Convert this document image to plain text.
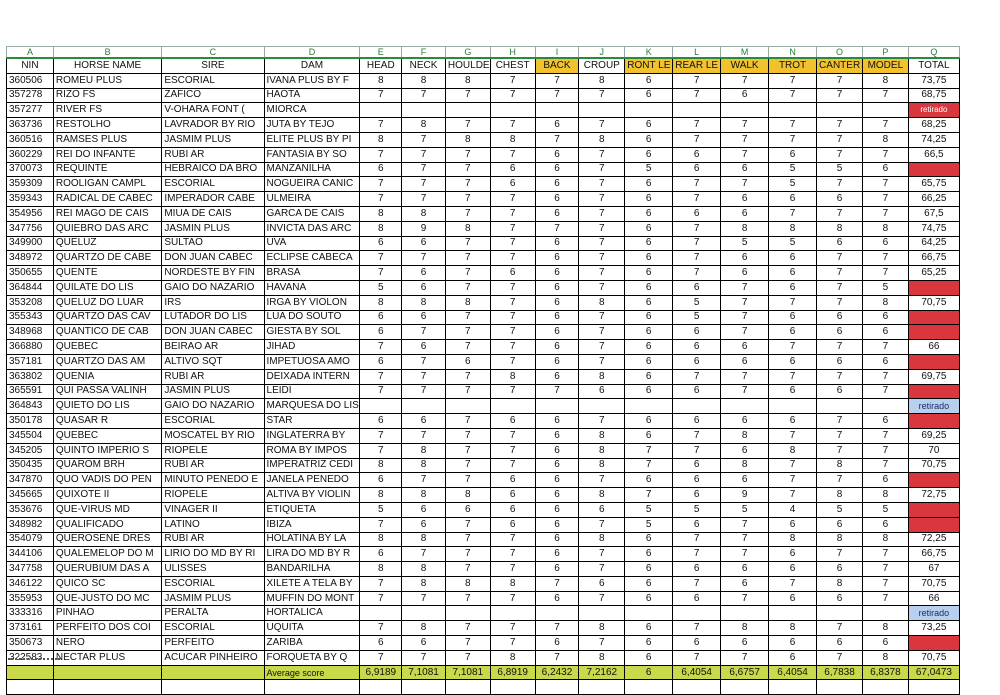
A	B	C	D	E	F	G	H	I	J	K	L	M	N	O	P	Q
NIN	HORSE NAME	SIRE	DAM	HEAD	NECK	HOULDE	CHEST	BACK	CROUP	RONT LE	REAR LE	WALK	TROT	CANTER	MODEL	TOTAL
360506	ROMEU PLUS	ESCORIAL	IVANA PLUS BY F	8	8	8	7	7	8	6	7	7	7	7	8	73,75
357278	RIZO FS	ZAFICO	HAOTA	7	7	7	7	7	7	6	7	6	7	7	7	68,75
357277	RIVER FS	V-OHARA FONT (	MIORCA													retirado
363736	RESTOLHO	LAVRADOR BY RIO	JUTA BY TEJO	7	8	7	7	6	7	6	7	7	7	7	7	68,25
360516	RAMSES PLUS	JASMIM PLUS	ELITE PLUS BY PI	8	7	8	8	7	8	6	7	7	7	7	8	74,25
360229	REI DO INFANTE	RUBI AR	FANTASIA BY SO	7	7	7	7	6	7	6	6	7	6	7	7	66,5
370073	REQUINTE	HEBRAICO DA BRO	MANZANILHA	6	7	7	6	6	7	5	6	6	5	5	6	
359309	ROOLIGAN CAMPL	ESCORIAL	NOGUEIRA CANIC	7	7	7	6	6	7	6	7	7	5	7	7	65,75
359343	RADICAL DE CABEC	IMPERADOR CABE	ULMEIRA	7	7	7	7	6	7	6	7	6	6	6	7	66,25
354956	REI MAGO DE CAIS	MIUA DE CAIS	GARCA DE CAIS	8	8	7	7	6	7	6	6	6	7	7	7	67,5
347756	QUIEBRO DAS ARC	JASMIN PLUS	INVICTA DAS ARC	8	9	8	7	7	7	6	7	8	8	8	8	74,75
349900	QUELUZ	SULTAO	UVA	6	6	7	7	6	7	6	7	5	5	6	6	64,25
348972	QUARTZO DE CABE	DON JUAN CABEC	ECLIPSE CABECA	7	7	7	7	6	7	6	7	6	6	7	7	66,75
350655	QUENTE	NORDESTE BY FIN	BRASA	7	6	7	6	6	7	6	7	6	6	7	7	65,25
364844	QUILATE DO LIS	GAIO DO NAZARIO	HAVANA	5	6	7	7	6	7	6	6	7	6	7	5	
353208	QUELUZ DO LUAR	IRS	IRGA BY VIOLON	8	8	8	7	6	8	6	5	7	7	7	8	70,75
355343	QUARTZO DAS CAV	LUTADOR DO LIS	LUA DO SOUTO	6	6	7	7	6	7	6	5	7	6	6	6	
348968	QUANTICO DE CAB	DON JUAN CABEC	GIESTA BY SOL	6	7	7	7	6	7	6	6	7	6	6	6	
366880	QUEBEC	BEIRAO AR	JIHAD	7	6	7	7	6	7	6	6	6	7	7	7	66
357181	QUARTZO DAS AM	ALTIVO SQT	IMPETUOSA AMO	6	7	6	7	6	7	6	6	6	6	6	6	
363802	QUENIA	RUBI AR	DEIXADA INTERN	7	7	7	8	6	8	6	7	7	7	7	7	69,75
365591	QUI PASSA VALINH	JASMIN PLUS	LEIDI	7	7	7	7	7	6	6	6	7	6	6	7	
364843	QUIETO DO LIS	GAIO DO NAZARIO	MARQUESA DO LIS													retirado
350178	QUASAR R	ESCORIAL	STAR	6	6	7	6	6	7	6	6	6	6	7	6	
345504	QUEBEC	MOSCATEL BY RIO	INGLATERRA BY	7	7	7	7	6	8	6	7	8	7	7	7	69,25
345205	QUINTO IMPERIO S	RIOPELE	ROMA BY IMPOS	7	8	7	7	6	8	7	7	6	8	7	7	70
350435	QUAROM BRH	RUBI AR	IMPERATRIZ CEDI	8	8	7	7	6	8	7	6	8	7	8	7	70,75
347870	QUO VADIS DO PEN	MINUTO PENEDO E	JANELA PENEDO	6	7	7	6	6	7	6	6	6	7	7	6	
345665	QUIXOTE II	RIOPELE	ALTIVA BY VIOLIN	8	8	8	6	6	8	7	6	9	7	8	8	72,75
353676	QUE-VIRUS MD	VINAGER II	ETIQUETA	5	6	6	6	6	6	5	5	5	4	5	5	
348982	QUALIFICADO	LATINO	IBIZA	7	6	7	6	6	7	5	6	7	6	6	6	
354079	QUEROSENE DRES	RUBI AR	HOLATINA BY LA	8	8	7	7	6	8	6	7	7	8	8	8	72,25
344106	QUALEMELOP DO M	LIRIO DO MD BY RI	LIRA DO MD BY R	6	7	7	7	6	7	6	7	7	6	7	7	66,75
347758	QUERUBIUM DAS A	ULISSES	BANDARILHA	8	8	7	7	6	7	6	6	6	6	6	7	67
346122	QUICO SC	ESCORIAL	XILETE A TELA BY	7	8	8	8	7	6	6	7	6	7	8	7	70,75
355953	QUE-JUSTO DO MC	JASMIM PLUS	MUFFIN DO MONT	7	7	7	7	6	7	6	6	7	6	6	7	66
333316	PINHAO	PERALTA	HORTALICA													retirado
373161	PERFEITO DOS COI	ESCORIAL	UQUITA	7	8	7	7	7	8	6	7	8	8	7	8	73,25
350673	NERO	PERFEITO	ZARIBA	6	6	7	7	6	7	6	6	6	6	6	6	
322583	NECTAR PLUS	ACUCAR PINHEIRO	FORQUETA BY Q	7	7	7	8	7	8	6	7	7	6	7	8	70,75
			Average score	6,9189	7,1081	7,1081	6,8919	6,2432	7,2162	6	6,4054	6,6757	6,4054	6,7838	6,8378	67,0473
